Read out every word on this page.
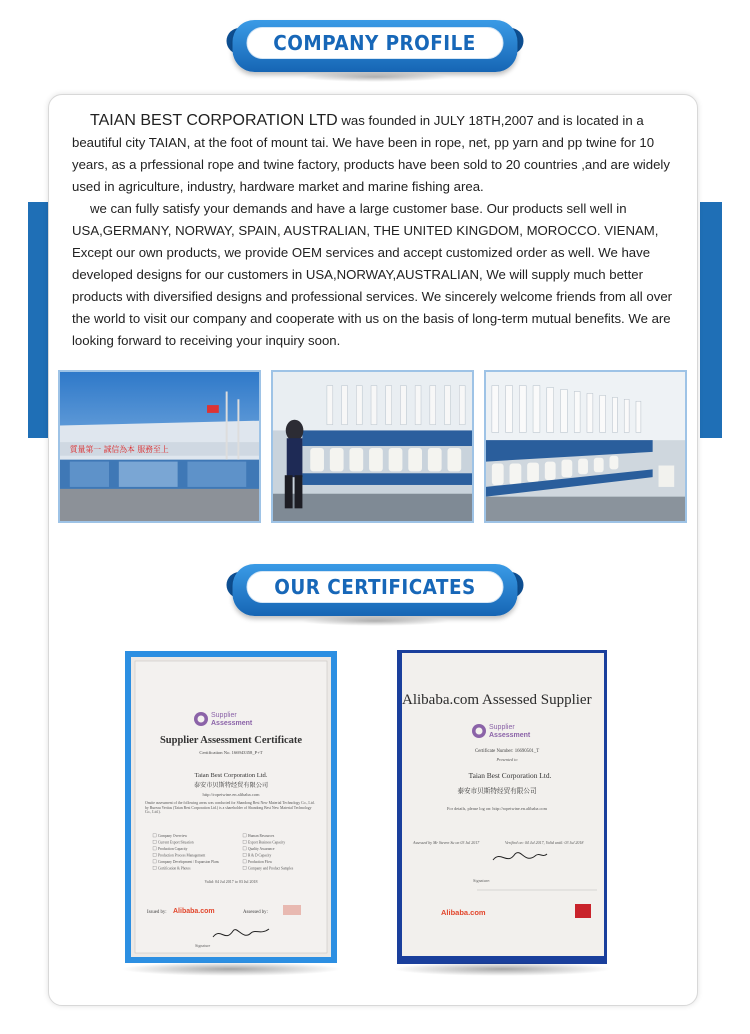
COMPANY PROFILE

TAIAN BEST CORPORATION LTD was founded in JULY 18TH,2007 and is located in a beautiful city TAIAN, at the foot of mount tai. We have been in rope, net, pp yarn and pp twine for 10 years, as a prfessional rope and twine factory, products have been sold to 20 countries ,and are widely used in agriculture, industry, hardware market and marine fishing area.

we can fully satisfy your demands and have a large customer base. Our products sell well in USA,GERMANY, NORWAY, SPAIN, AUSTRALIAN, THE UNITED KINGDOM, MOROCCO. VIENAM, Except our own products, we provide OEM services and accept customized order as well. We have developed designs for our customers in USA,NORWAY,AUSTRALIAN, We will supply much better products with diversified designs and professional services. We sincerely welcome friends from all over the world to visit our company and cooperate with us on the basis of long-term mutual benefits. We are looking forward to receiving your inquiry soon.

質量第一 誠信為本 服務至上
OUR CERTIFICATES
Supplier
Assessment
Supplier Assessment Certificate
Certification No. 166943358_P+T
Taian Best Corporation Ltd.
泰安市贝斯特经贸有限公司
http://ropetwine.en.alibaba.com
Onsite assessment of the following areas was conducted for Shandong Best New Material Technology Co., Ltd. by Bureau Veritas (Taian Best Corporation Ltd.) is a shareholder of Shandong Best New Material Technology Co., Ltd.).
Company Overview
Current Export Situation
Production Capacity
Production Process Management
Company Development / Expansion Plans
Certification & Photos
Human Resources
Export Business Capacity
Quality Assurance
R & D Capacity
Production Flow
Company and Product Samples
Valid: 04 Jul 2017 to 03 Jul 2018
Issued by: Alibaba.com	Assessed by:
Signature
Alibaba.com Assessed Supplier
Supplier
Assessment
Certificate Number: 16690501_T
Presented to
Taian Best Corporation Ltd.
泰安市贝斯特经贸有限公司
For details, please log on: http://ropetwine.en.alibaba.com
Assessed by Mr Steven Su on 03 Jul 2017	Verified on: 04 Jul 2017, Valid until: 03 Jul 2018
Signature:
Alibaba.com
